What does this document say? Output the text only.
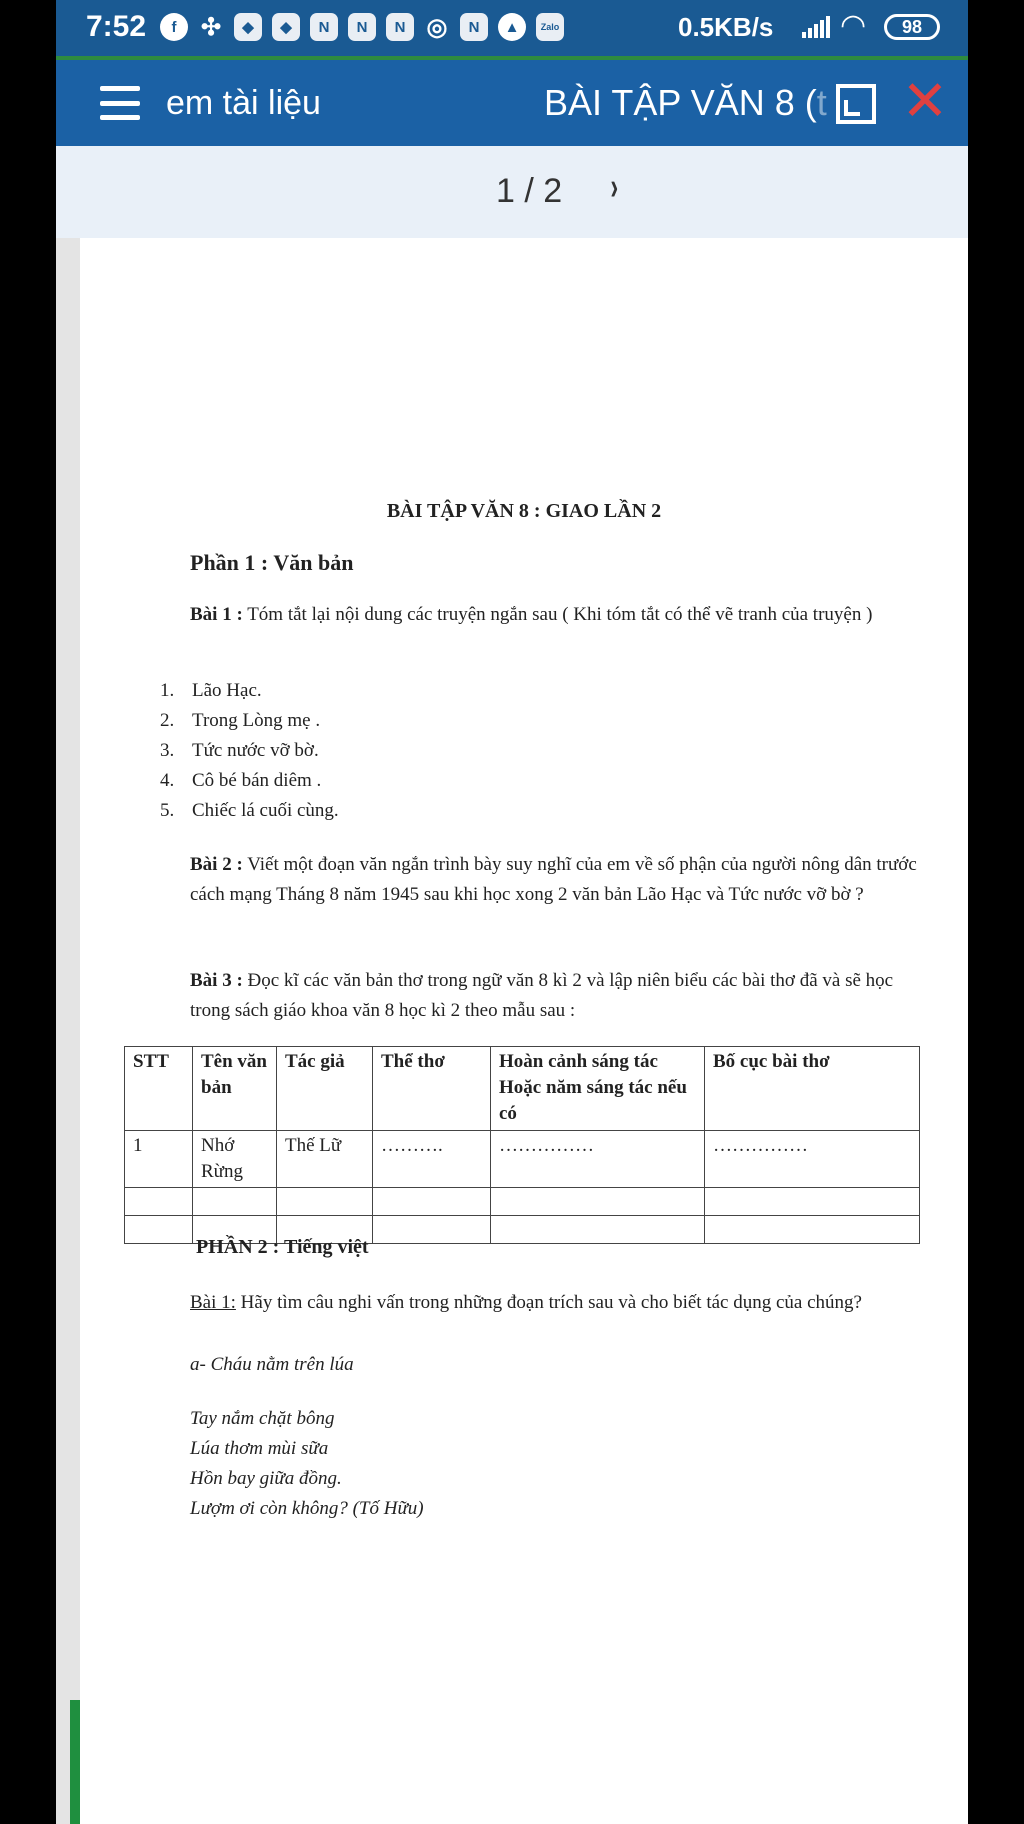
7:52	f	✣	◆	◆	N	N	N ◎	N	▲	Zalo	0.5KB/s ◠ 98
em tài liệu	BÀI TẬP VĂN 8 (t ✕
1 / 2 ›
BÀI TẬP VĂN 8 : GIAO LẦN 2
Phần 1 : Văn bản
Bài 1 : Tóm tắt lại nội dung các truyện ngắn sau ( Khi tóm tắt có thể vẽ tranh của truyện )
1. Lão Hạc.
2. Trong Lòng mẹ .
3. Tức nước vỡ bờ.
4. Cô bé bán diêm .
5. Chiếc lá cuối cùng.
Bài 2 : Viết một đoạn văn ngắn trình bày suy nghĩ của em về số phận của người nông dân trước cách mạng Tháng 8 năm 1945 sau khi học xong 2 văn bản Lão Hạc và Tức nước vỡ bờ ?
Bài 3 : Đọc kĩ các văn bản thơ trong ngữ văn 8 kì 2 và lập niên biểu các bài thơ đã và sẽ học trong sách giáo khoa văn 8 học kì 2 theo mẫu sau :
STT	Tên văn bản	Tác giả	Thể thơ	Hoàn cảnh sáng tác Hoặc năm sáng tác nếu có	Bố cục bài thơ
1	Nhớ Rừng	Thế Lữ	……….	……………	……………

PHẦN 2 : Tiếng việt
Bài 1: Hãy tìm câu nghi vấn trong những đoạn trích sau và cho biết tác dụng của chúng?
a- Cháu nằm trên lúa
Tay nắm chặt bông
Lúa thơm mùi sữa
Hồn bay giữa đồng.
Lượm ơi còn không? (Tố Hữu)
